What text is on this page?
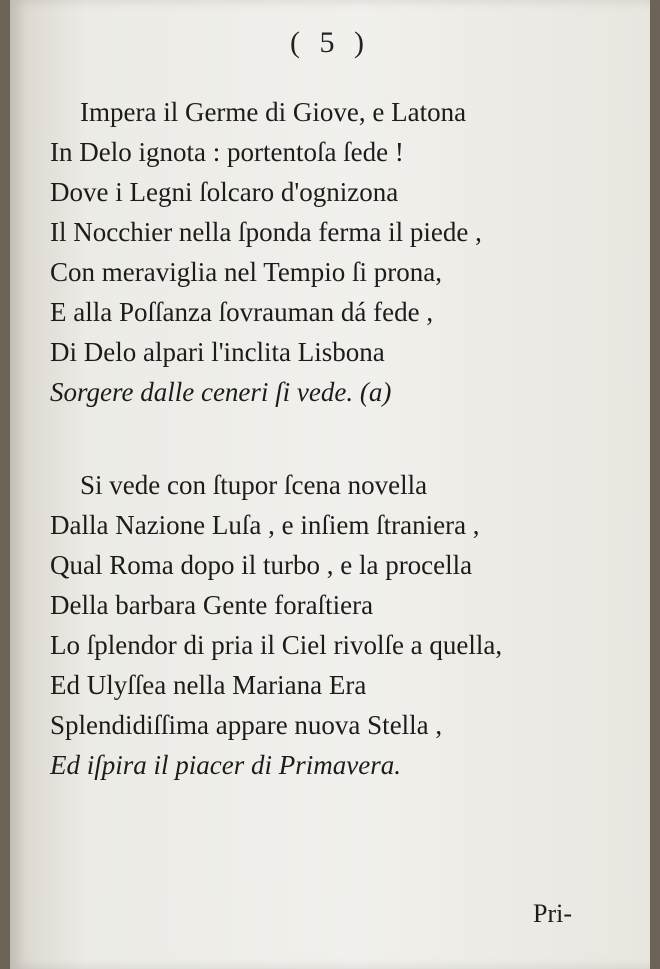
( 5 )
Impera il Germe di Giove, e Latona
In Delo ignota : portentoſa ſede !
Dove i Legni ſolcaro d'ognizona
Il Nocchier nella ſponda ferma il piede ,
Con meraviglia nel Tempio ſi prona,
E alla Poſſanza ſovrauman dá fede ,
Di Delo alpari l'inclita Lisbona
Sorgere dalle ceneri ſi vede. (a)
Si vede con ſtupor ſcena novella
Dalla Nazione Luſa , e inſiem ſtraniera ,
Qual Roma dopo il turbo , e la procella
Della barbara Gente foraſtiera
Lo ſplendor di pria il Ciel rivolſe a quella,
Ed Ulyſſea nella Mariana Era
Splendidiſſima appare nuova Stella ,
Ed iſpira il piacer di Primavera.
Pri-
